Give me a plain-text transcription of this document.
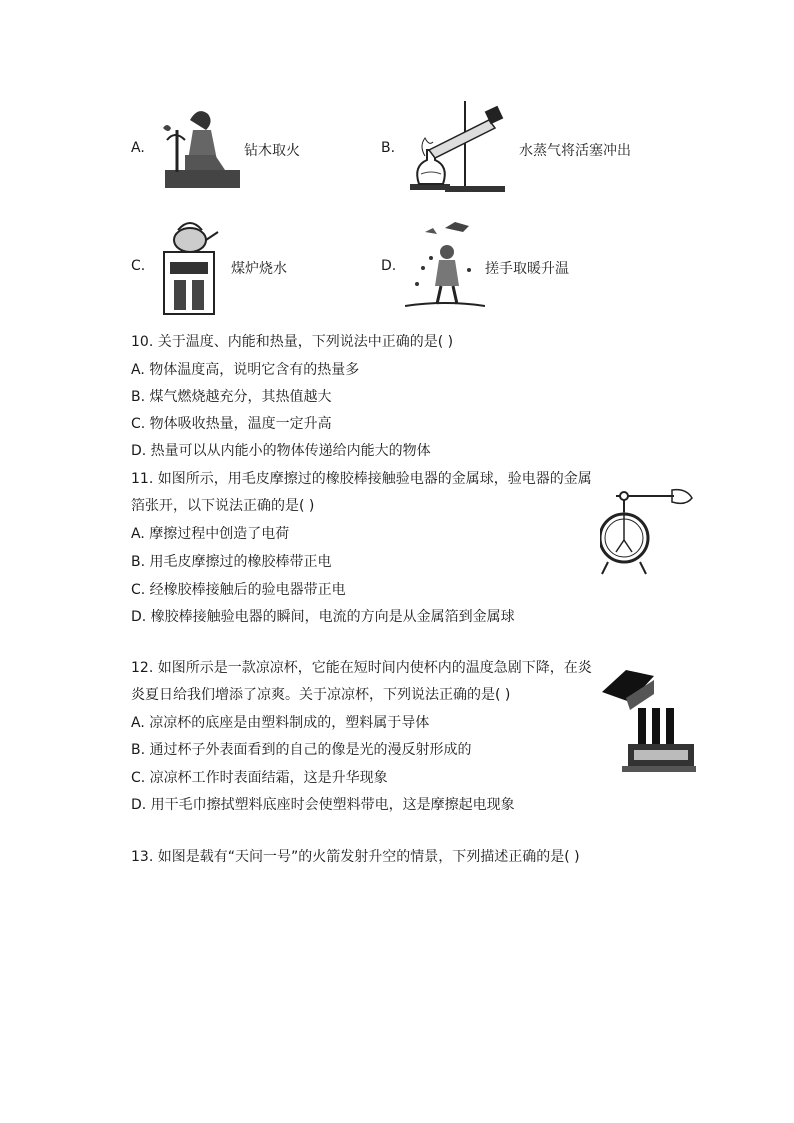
A.	钻木取火	B.	水蒸气将活塞冲出
C.	煤炉烧水	D.	搓手取暖升温
10. 关于温度、内能和热量，下列说法中正确的是( )
A. 物体温度高，说明它含有的热量多
B. 煤气燃烧越充分，其热值越大
C. 物体吸收热量，温度一定升高
D. 热量可以从内能小的物体传递给内能大的物体
11. 如图所示，用毛皮摩擦过的橡胶棒接触验电器的金属球，验电器的金属
箔张开，以下说法正确的是( )
A. 摩擦过程中创造了电荷
B. 用毛皮摩擦过的橡胶棒带正电
C. 经橡胶棒接触后的验电器带正电
D. 橡胶棒接触验电器的瞬间，电流的方向是从金属箔到金属球
12. 如图所示是一款凉凉杯，它能在短时间内使杯内的温度急剧下降，在炎
炎夏日给我们增添了凉爽。关于凉凉杯，下列说法正确的是( )
A. 凉凉杯的底座是由塑料制成的，塑料属于导体
B. 通过杯子外表面看到的自己的像是光的漫反射形成的
C. 凉凉杯工作时表面结霜，这是升华现象
D. 用干毛巾擦拭塑料底座时会使塑料带电，这是摩擦起电现象
13. 如图是载有“天问一号”的火箭发射升空的情景，下列描述正确的是( )
